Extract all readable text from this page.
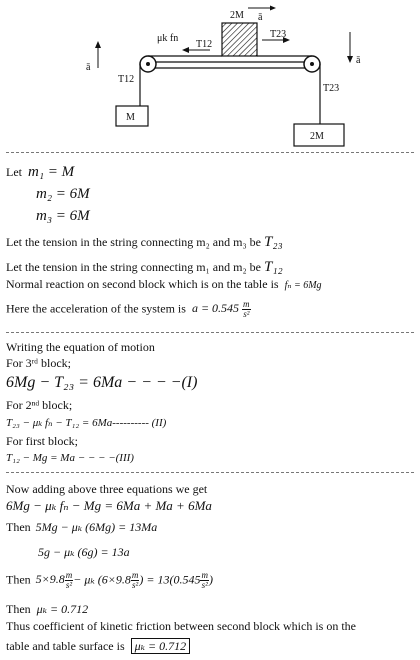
2M ā
μk fn
T12
T23
ā
T12
M
ā
T23
2M
Let m₁ = M
m₂ = 6M
m₃ = 6M
Let the tension in the string connecting m₂ and m₃ be T₂₃
Let the tension in the string connecting m₁ and m₂ be T₁₂
Normal reaction on second block which is on the table is fₙ = 6Mg
Here the acceleration of the system is $a = 0.545 \frac{m}{\text{s²}}$
Writing the equation of motion
For 3ʳᵈ block;
6Mg − T₂₃ = 6Ma − − − −(I)
For 2ⁿᵈ block;
T₂₃ − μₖ fₙ − T₁₂ = 6Ma---------- (II)
For first block;
T₁₂ − Mg = Ma − − − −(III)
Now adding above three equations we get
6Mg − μₖ fₙ − Mg = 6Ma + Ma + 6Ma
Then 5Mg − μₖ (6Mg) = 13Ma
5g − μₖ (6g) = 13a
Then $5\times 9.8 \frac{m}{\text{s²}} - \mu_k$ ($6\times 9.8 \frac{m}{\text{s²}}$ ) = $13(0.545 \frac{m}{\text{s²}}$ )
Then μₖ = 0.712
Thus coefficient of kinetic friction between second block which is on the
table and table surface is μₖ = 0.712
